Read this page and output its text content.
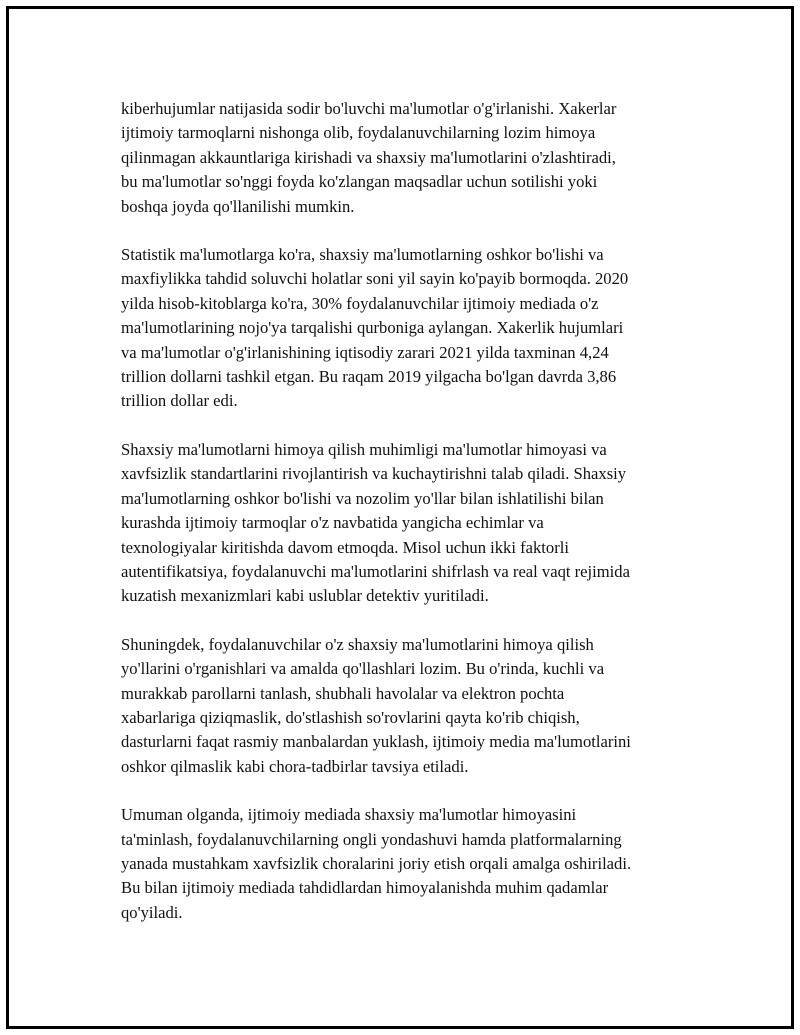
kiberhujumlar natijasida sodir bo'luvchi ma'lumotlar o'g'irlanishi. Xakerlar
ijtimoiy tarmoqlarni nishonga olib, foydalanuvchilarning lozim himoya
qilinmagan akkauntlariga kirishadi va shaxsiy ma'lumotlarini o'zlashtiradi,
bu ma'lumotlar so'nggi foyda ko'zlangan maqsadlar uchun sotilishi yoki
boshqa joyda qo'llanilishi mumkin.

Statistik ma'lumotlarga ko'ra, shaxsiy ma'lumotlarning oshkor bo'lishi va
maxfiylikka tahdid soluvchi holatlar soni yil sayin ko'payib bormoqda. 2020
yilda hisob-kitoblarga ko'ra, 30% foydalanuvchilar ijtimoiy mediada o'z
ma'lumotlarining nojo'ya tarqalishi qurboniga aylangan. Xakerlik hujumlari
va ma'lumotlar o'g'irlanishining iqtisodiy zarari 2021 yilda taxminan 4,24
trillion dollarni tashkil etgan. Bu raqam 2019 yilgacha bo'lgan davrda 3,86
trillion dollar edi.

Shaxsiy ma'lumotlarni himoya qilish muhimligi ma'lumotlar himoyasi va
xavfsizlik standartlarini rivojlantirish va kuchaytirishni talab qiladi. Shaxsiy
ma'lumotlarning oshkor bo'lishi va nozolim yo'llar bilan ishlatilishi bilan
kurashda ijtimoiy tarmoqlar o'z navbatida yangicha echimlar va
texnologiyalar kiritishda davom etmoqda. Misol uchun ikki faktorli
autentifikatsiya, foydalanuvchi ma'lumotlarini shifrlash va real vaqt rejimida
kuzatish mexanizmlari kabi uslublar detektiv yuritiladi.

Shuningdek, foydalanuvchilar o'z shaxsiy ma'lumotlarini himoya qilish
yo'llarini o'rganishlari va amalda qo'llashlari lozim. Bu o'rinda, kuchli va
murakkab parollarni tanlash, shubhali havolalar va elektron pochta
xabarlariga qiziqmaslik, do'stlashish so'rovlarini qayta ko'rib chiqish,
dasturlarni faqat rasmiy manbalardan yuklash, ijtimoiy media ma'lumotlarini
oshkor qilmaslik kabi chora-tadbirlar tavsiya etiladi.

Umuman olganda, ijtimoiy mediada shaxsiy ma'lumotlar himoyasini
ta'minlash, foydalanuvchilarning ongli yondashuvi hamda platformalarning
yanada mustahkam xavfsizlik choralarini joriy etish orqali amalga oshiriladi.
Bu bilan ijtimoiy mediada tahdidlardan himoyalanishda muhim qadamlar
qo'yiladi.
